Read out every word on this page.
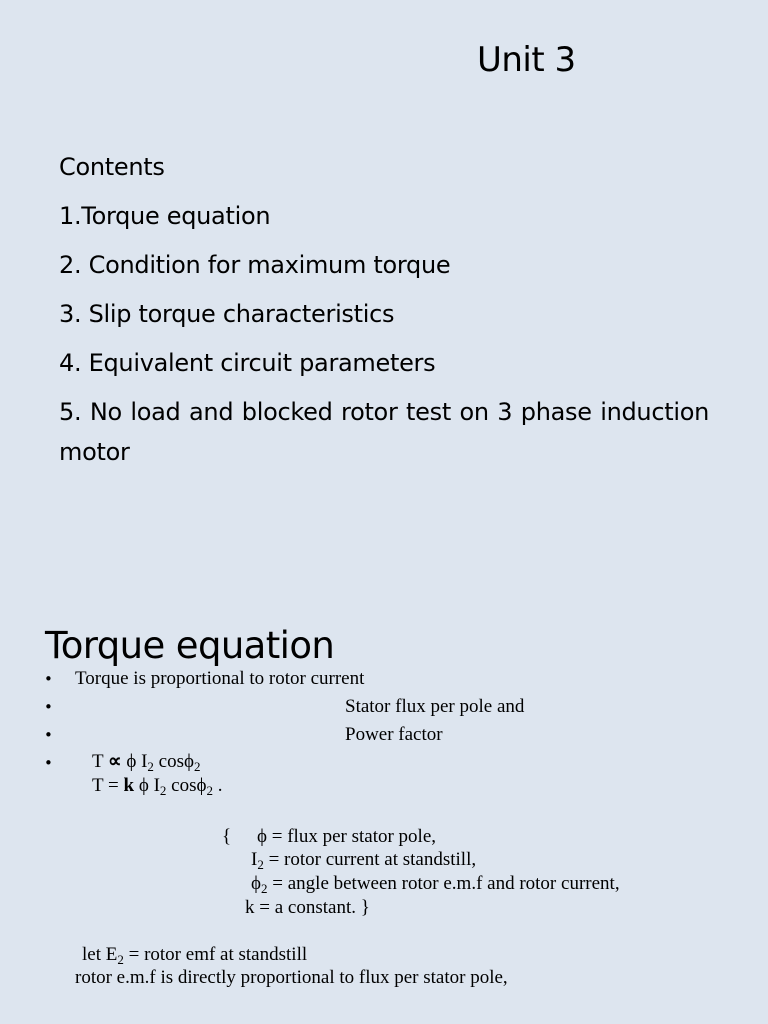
Unit 3
Contents
1.Torque equation
2. Condition for maximum torque
3. Slip torque characteristics
4. Equivalent circuit parameters
5. No load and blocked rotor test on 3 phase induction motor
Torque equation
• Torque is proportional to rotor current
•	Stator flux per pole and
•	Power factor
• T ∝ ϕ $I_2$ cosϕ$_2$
T = k ϕ $I_2$ cosϕ$_2$ .
{ ϕ = flux per stator pole,
$I_2$ = rotor current at standstill,
$\phi_2$ = angle between rotor e.m.f and rotor current,
k = a constant. }
let $E_2$ = rotor emf at standstill
rotor e.m.f is directly proportional to flux per stator pole,
